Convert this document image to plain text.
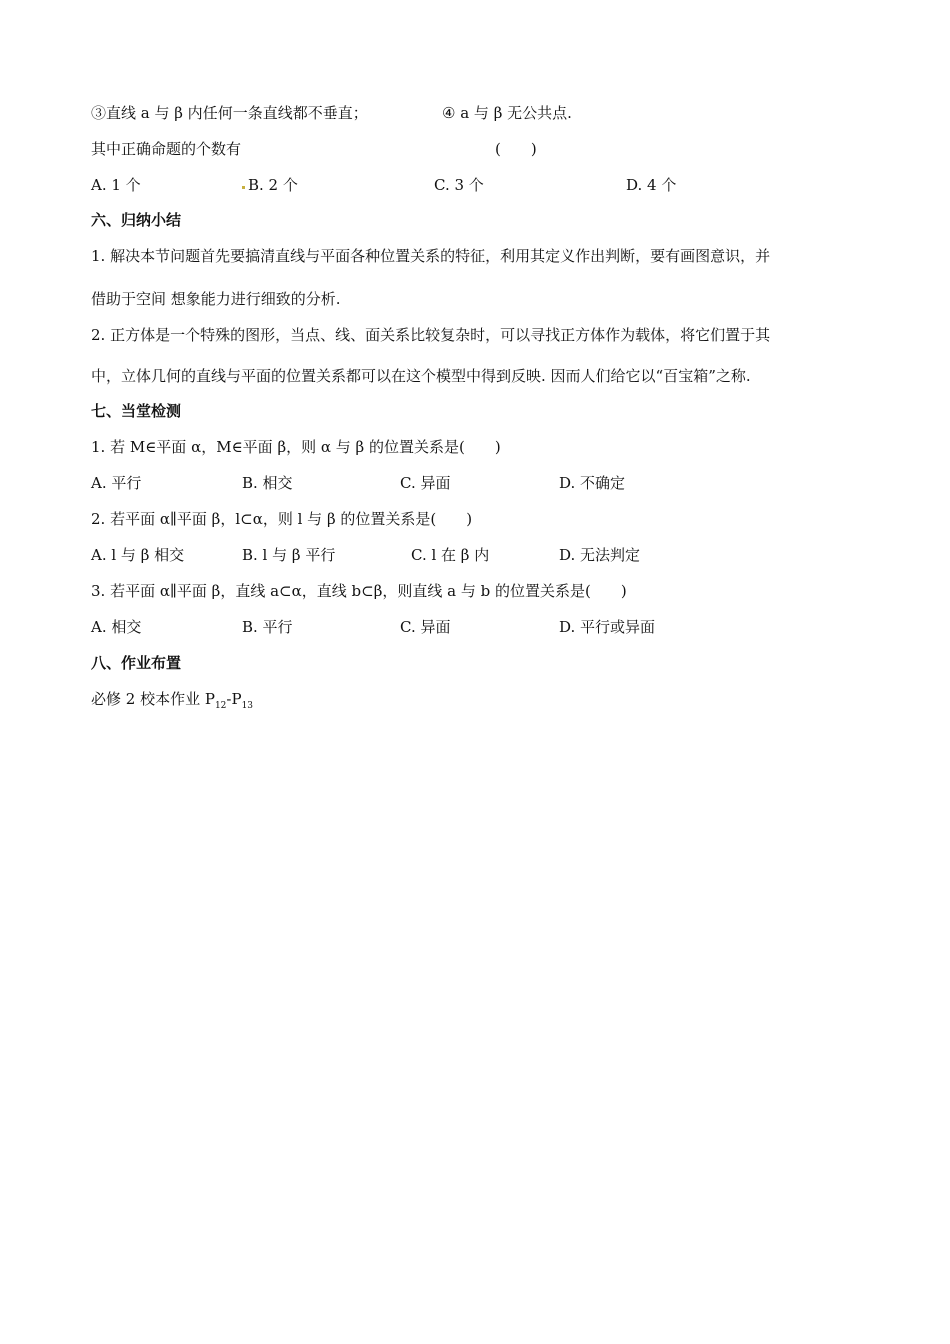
③直线 a 与 β 内任何一条直线都不垂直；	④ a 与 β 无公共点.
其中正确命题的个数有	(　　)
A. 1 个	B. 2 个	C. 3 个	D. 4 个
六、归纳小结
1. 解决本节问题首先要搞清直线与平面各种位置关系的特征，利用其定义作出判断，要有画图意识，并
借助于空间 想象能力进行细致的分析.
2. 正方体是一个特殊的图形，当点、线、面关系比较复杂时，可以寻找正方体作为载体，将它们置于其
中，立体几何的直线与平面的位置关系都可以在这个模型中得到反映. 因而人们给它以“百宝箱”之称.
七、当堂检测
1. 若 M∈平面 α，M∈平面 β，则 α 与 β 的位置关系是(　　)
A. 平行	B. 相交	C. 异面	D. 不确定
2. 若平面 α∥平面 β，l⊂α，则 l 与 β 的位置关系是(　　)
A. l 与 β 相交	B. l 与 β 平行	C. l 在 β 内	D. 无法判定
3. 若平面 α∥平面 β，直线 a⊂α，直线 b⊂β，则直线 a 与 b 的位置关系是(　　)
A. 相交	B. 平行	C. 异面	D. 平行或异面
八、作业布置
必修 2 校本作业 $P_{12}-P_{13}$
